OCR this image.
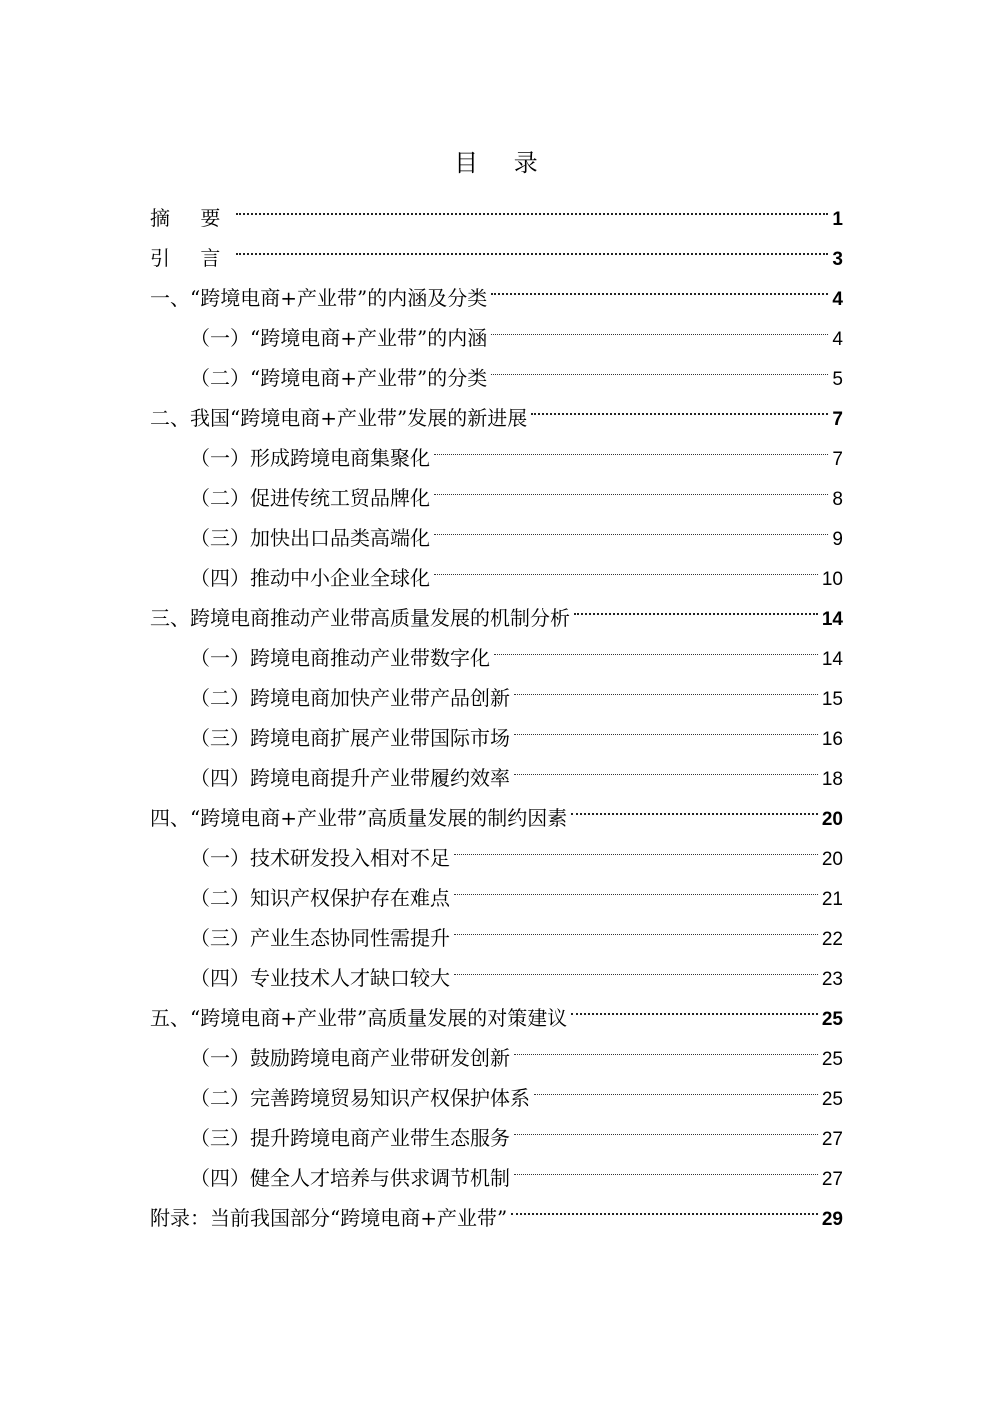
目 录
摘 要	1
引 言	3
一、“跨境电商+产业带”的内涵及分类	4
（一）“跨境电商+产业带”的内涵	4
（二）“跨境电商+产业带”的分类	5
二、我国“跨境电商+产业带”发展的新进展	7
（一）形成跨境电商集聚化	7
（二）促进传统工贸品牌化	8
（三）加快出口品类高端化	9
（四）推动中小企业全球化	10
三、跨境电商推动产业带高质量发展的机制分析	14
（一）跨境电商推动产业带数字化	14
（二）跨境电商加快产业带产品创新	15
（三）跨境电商扩展产业带国际市场	16
（四）跨境电商提升产业带履约效率	18
四、“跨境电商+产业带”高质量发展的制约因素	20
（一）技术研发投入相对不足	20
（二）知识产权保护存在难点	21
（三）产业生态协同性需提升	22
（四）专业技术人才缺口较大	23
五、“跨境电商+产业带”高质量发展的对策建议	25
（一）鼓励跨境电商产业带研发创新	25
（二）完善跨境贸易知识产权保护体系	25
（三）提升跨境电商产业带生态服务	27
（四）健全人才培养与供求调节机制	27
附录：当前我国部分“跨境电商+产业带”	29
